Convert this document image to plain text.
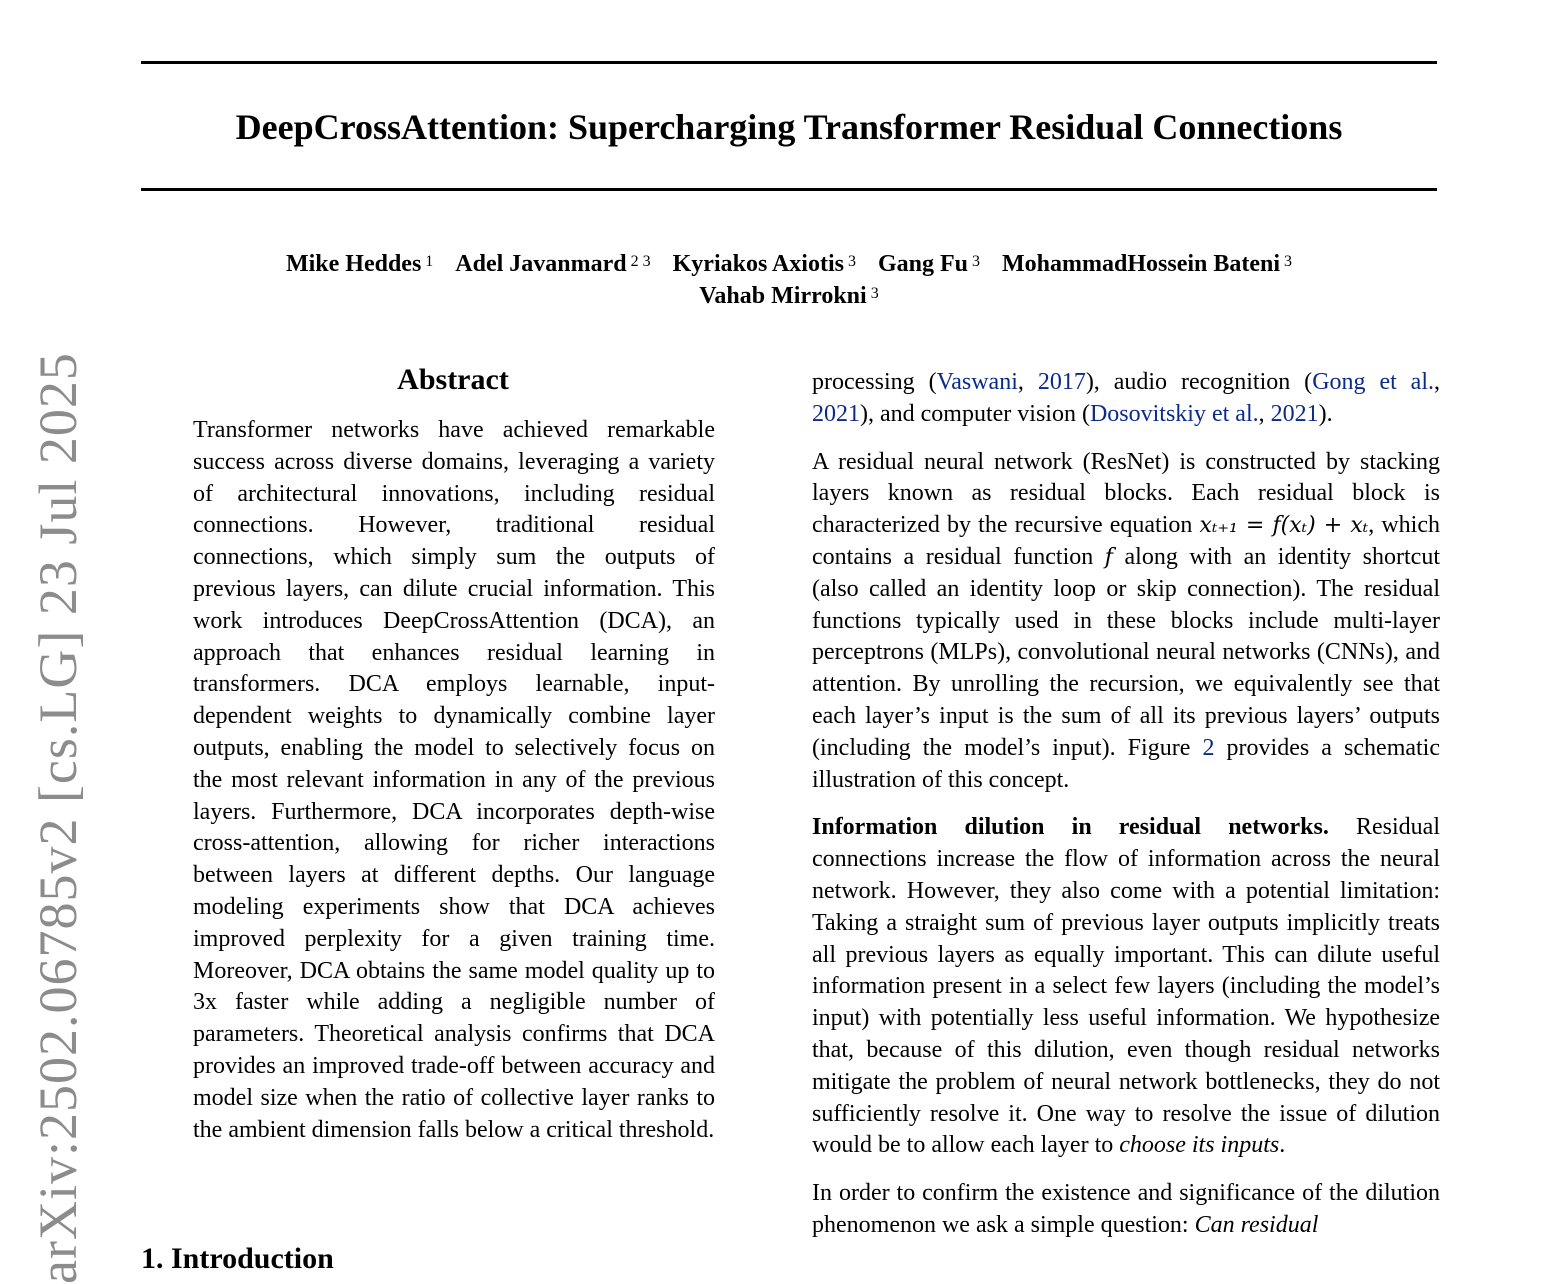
DeepCrossAttention: Supercharging Transformer Residual Connections
Mike Heddes $^1$ Adel Javanmard $^{2 3}$ Kyriakos Axiotis $^3$ Gang Fu $^3$ MohammadHossein Bateni $^3$
Vahab Mirrokni $^3$
arXiv:2502.06785v2 [cs.LG] 23 Jul 2025	Abstract
Transformer networks have achieved remarkable success across diverse domains, leveraging a variety of architectural innovations, including residual connections. However, traditional residual connections, which simply sum the outputs of previous layers, can dilute crucial information. This work introduces DeepCrossAttention (DCA), an approach that enhances residual learning in transformers. DCA employs learnable, input-dependent weights to dynamically combine layer outputs, enabling the model to selectively focus on the most relevant information in any of the previous layers. Furthermore, DCA incorporates depth-wise cross-attention, allowing for richer interactions between layers at different depths. Our language modeling experiments show that DCA achieves improved perplexity for a given training time. Moreover, DCA obtains the same model quality up to 3x faster while adding a negligible number of parameters. Theoretical analysis confirms that DCA provides an improved trade-off between accuracy and model size when the ratio of collective layer ranks to the ambient dimension falls below a critical threshold.
1. Introduction

processing (Vaswani, 2017), audio recognition (Gong et al., 2021), and computer vision (Dosovitskiy et al., 2021).

A residual neural network (ResNet) is constructed by stacking layers known as residual blocks. Each residual block is characterized by the recursive equation xₜ₊₁ = f(xₜ) + xₜ, which contains a residual function f along with an identity shortcut (also called an identity loop or skip connection). The residual functions typically used in these blocks include multi-layer perceptrons (MLPs), convolutional neural networks (CNNs), and attention. By unrolling the recursion, we equivalently see that each layer’s input is the sum of all its previous layers’ outputs (including the model’s input). Figure 2 provides a schematic illustration of this concept.

Information dilution in residual networks. Residual connections increase the flow of information across the neural network. However, they also come with a potential limitation: Taking a straight sum of previous layer outputs implicitly treats all previous layers as equally important. This can dilute useful information present in a select few layers (including the model’s input) with potentially less useful information. We hypothesize that, because of this dilution, even though residual networks mitigate the problem of neural network bottlenecks, they do not sufficiently resolve it. One way to resolve the issue of dilution would be to allow each layer to choose its inputs.

In order to confirm the existence and significance of the dilution phenomenon we ask a simple question: Can residual
